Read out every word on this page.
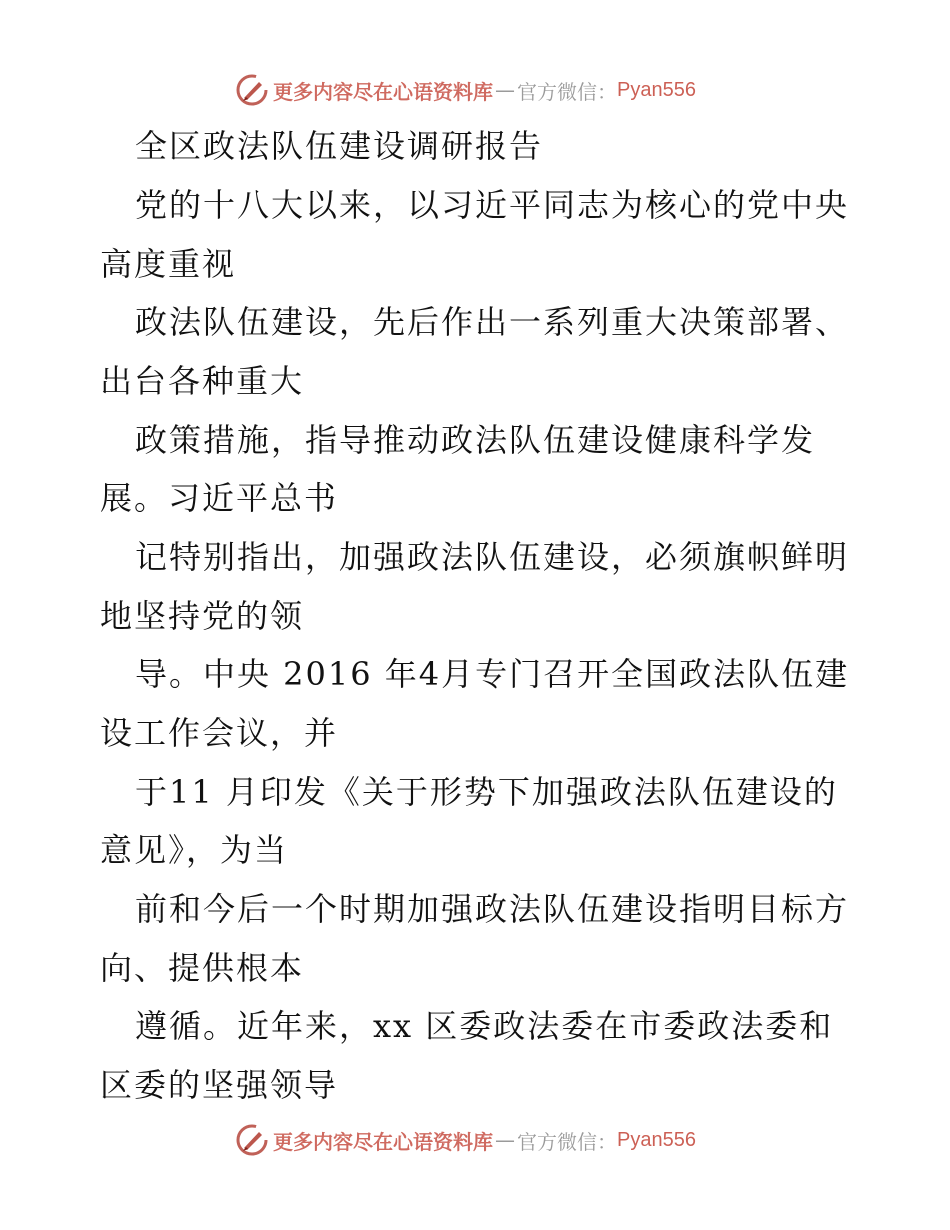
更多内容尽在心语资料库 — 官方微信： Pyan556
全区政法队伍建设调研报告
党的十八大以来，以习近平同志为核心的党中央
高度重视
政法队伍建设，先后作出一系列重大决策部署、
出台各种重大
政策措施，指导推动政法队伍建设健康科学发
展。习近平总书
记特别指出，加强政法队伍建设，必须旗帜鲜明
地坚持党的领
导。中央 2016 年4月专门召开全国政法队伍建
设工作会议，并
于11 月印发《关于形势下加强政法队伍建设的
意见》，为当
前和今后一个时期加强政法队伍建设指明目标方
向、提供根本
遵循。近年来，xx 区委政法委在市委政法委和
区委的坚强领导
更多内容尽在心语资料库 — 官方微信： Pyan556
